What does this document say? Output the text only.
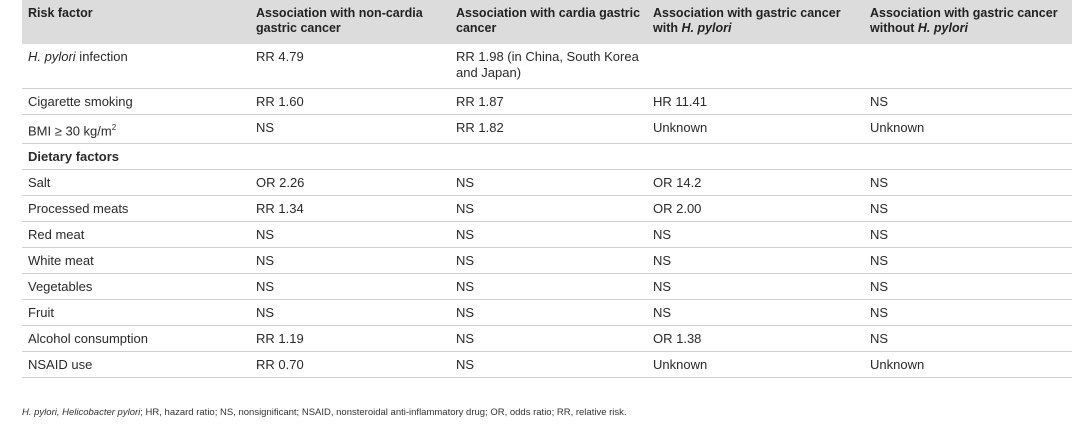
Risk factor	Association with non-cardia gastric cancer	Association with cardia gastric cancer	Association with gastric cancer with H. pylori	Association with gastric cancer without H. pylori
H. pylori infection	RR 4.79	RR 1.98 (in China, South Korea and Japan)		
Cigarette smoking	RR 1.60	RR 1.87	HR 11.41	NS
BMI ≥ 30 $kg/m^2$	NS	RR 1.82	Unknown	Unknown
Dietary factors				
Salt	OR 2.26	NS	OR 14.2	NS
Processed meats	RR 1.34	NS	OR 2.00	NS
Red meat	NS	NS	NS	NS
White meat	NS	NS	NS	NS
Vegetables	NS	NS	NS	NS
Fruit	NS	NS	NS	NS
Alcohol consumption	RR 1.19	NS	OR 1.38	NS
NSAID use	RR 0.70	NS	Unknown	Unknown
H. pylori, Helicobacter pylori; HR, hazard ratio; NS, nonsignificant; NSAID, nonsteroidal anti-inflammatory drug; OR, odds ratio; RR, relative risk.
